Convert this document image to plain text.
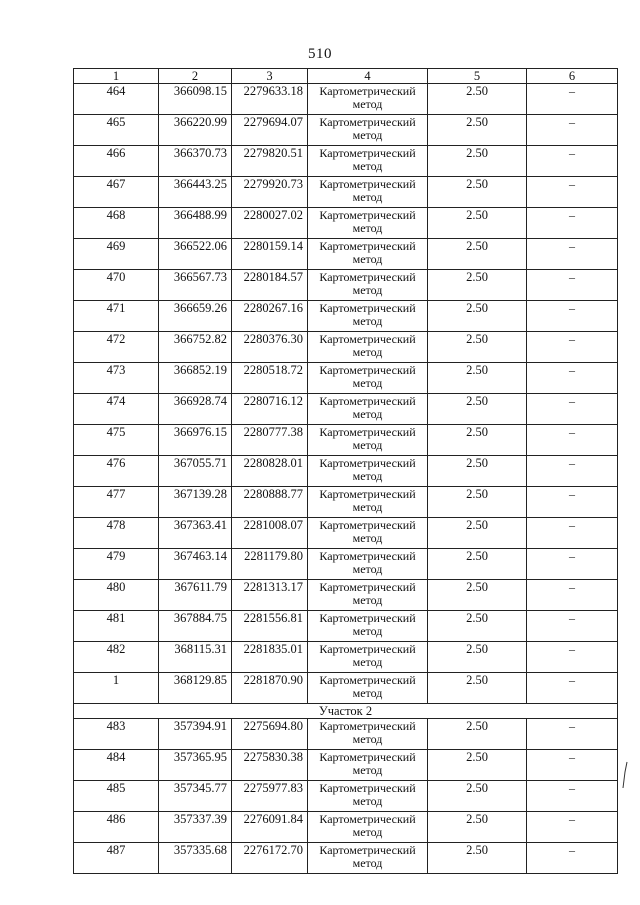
510
1	2	3	4	5	6
464	366098.15	2279633.18	Картометрический метод	2.50	–
465	366220.99	2279694.07	Картометрический метод	2.50	–
466	366370.73	2279820.51	Картометрический метод	2.50	–
467	366443.25	2279920.73	Картометрический метод	2.50	–
468	366488.99	2280027.02	Картометрический метод	2.50	–
469	366522.06	2280159.14	Картометрический метод	2.50	–
470	366567.73	2280184.57	Картометрический метод	2.50	–
471	366659.26	2280267.16	Картометрический метод	2.50	–
472	366752.82	2280376.30	Картометрический метод	2.50	–
473	366852.19	2280518.72	Картометрический метод	2.50	–
474	366928.74	2280716.12	Картометрический метод	2.50	–
475	366976.15	2280777.38	Картометрический метод	2.50	–
476	367055.71	2280828.01	Картометрический метод	2.50	–
477	367139.28	2280888.77	Картометрический метод	2.50	–
478	367363.41	2281008.07	Картометрический метод	2.50	–
479	367463.14	2281179.80	Картометрический метод	2.50	–
480	367611.79	2281313.17	Картометрический метод	2.50	–
481	367884.75	2281556.81	Картометрический метод	2.50	–
482	368115.31	2281835.01	Картометрический метод	2.50	–
1	368129.85	2281870.90	Картометрический метод	2.50	–
Участок 2					
483	357394.91	2275694.80	Картометрический метод	2.50	–
484	357365.95	2275830.38	Картометрический метод	2.50	–
485	357345.77	2275977.83	Картометрический метод	2.50	–
486	357337.39	2276091.84	Картометрический метод	2.50	–
487	357335.68	2276172.70	Картометрический метод	2.50	–
